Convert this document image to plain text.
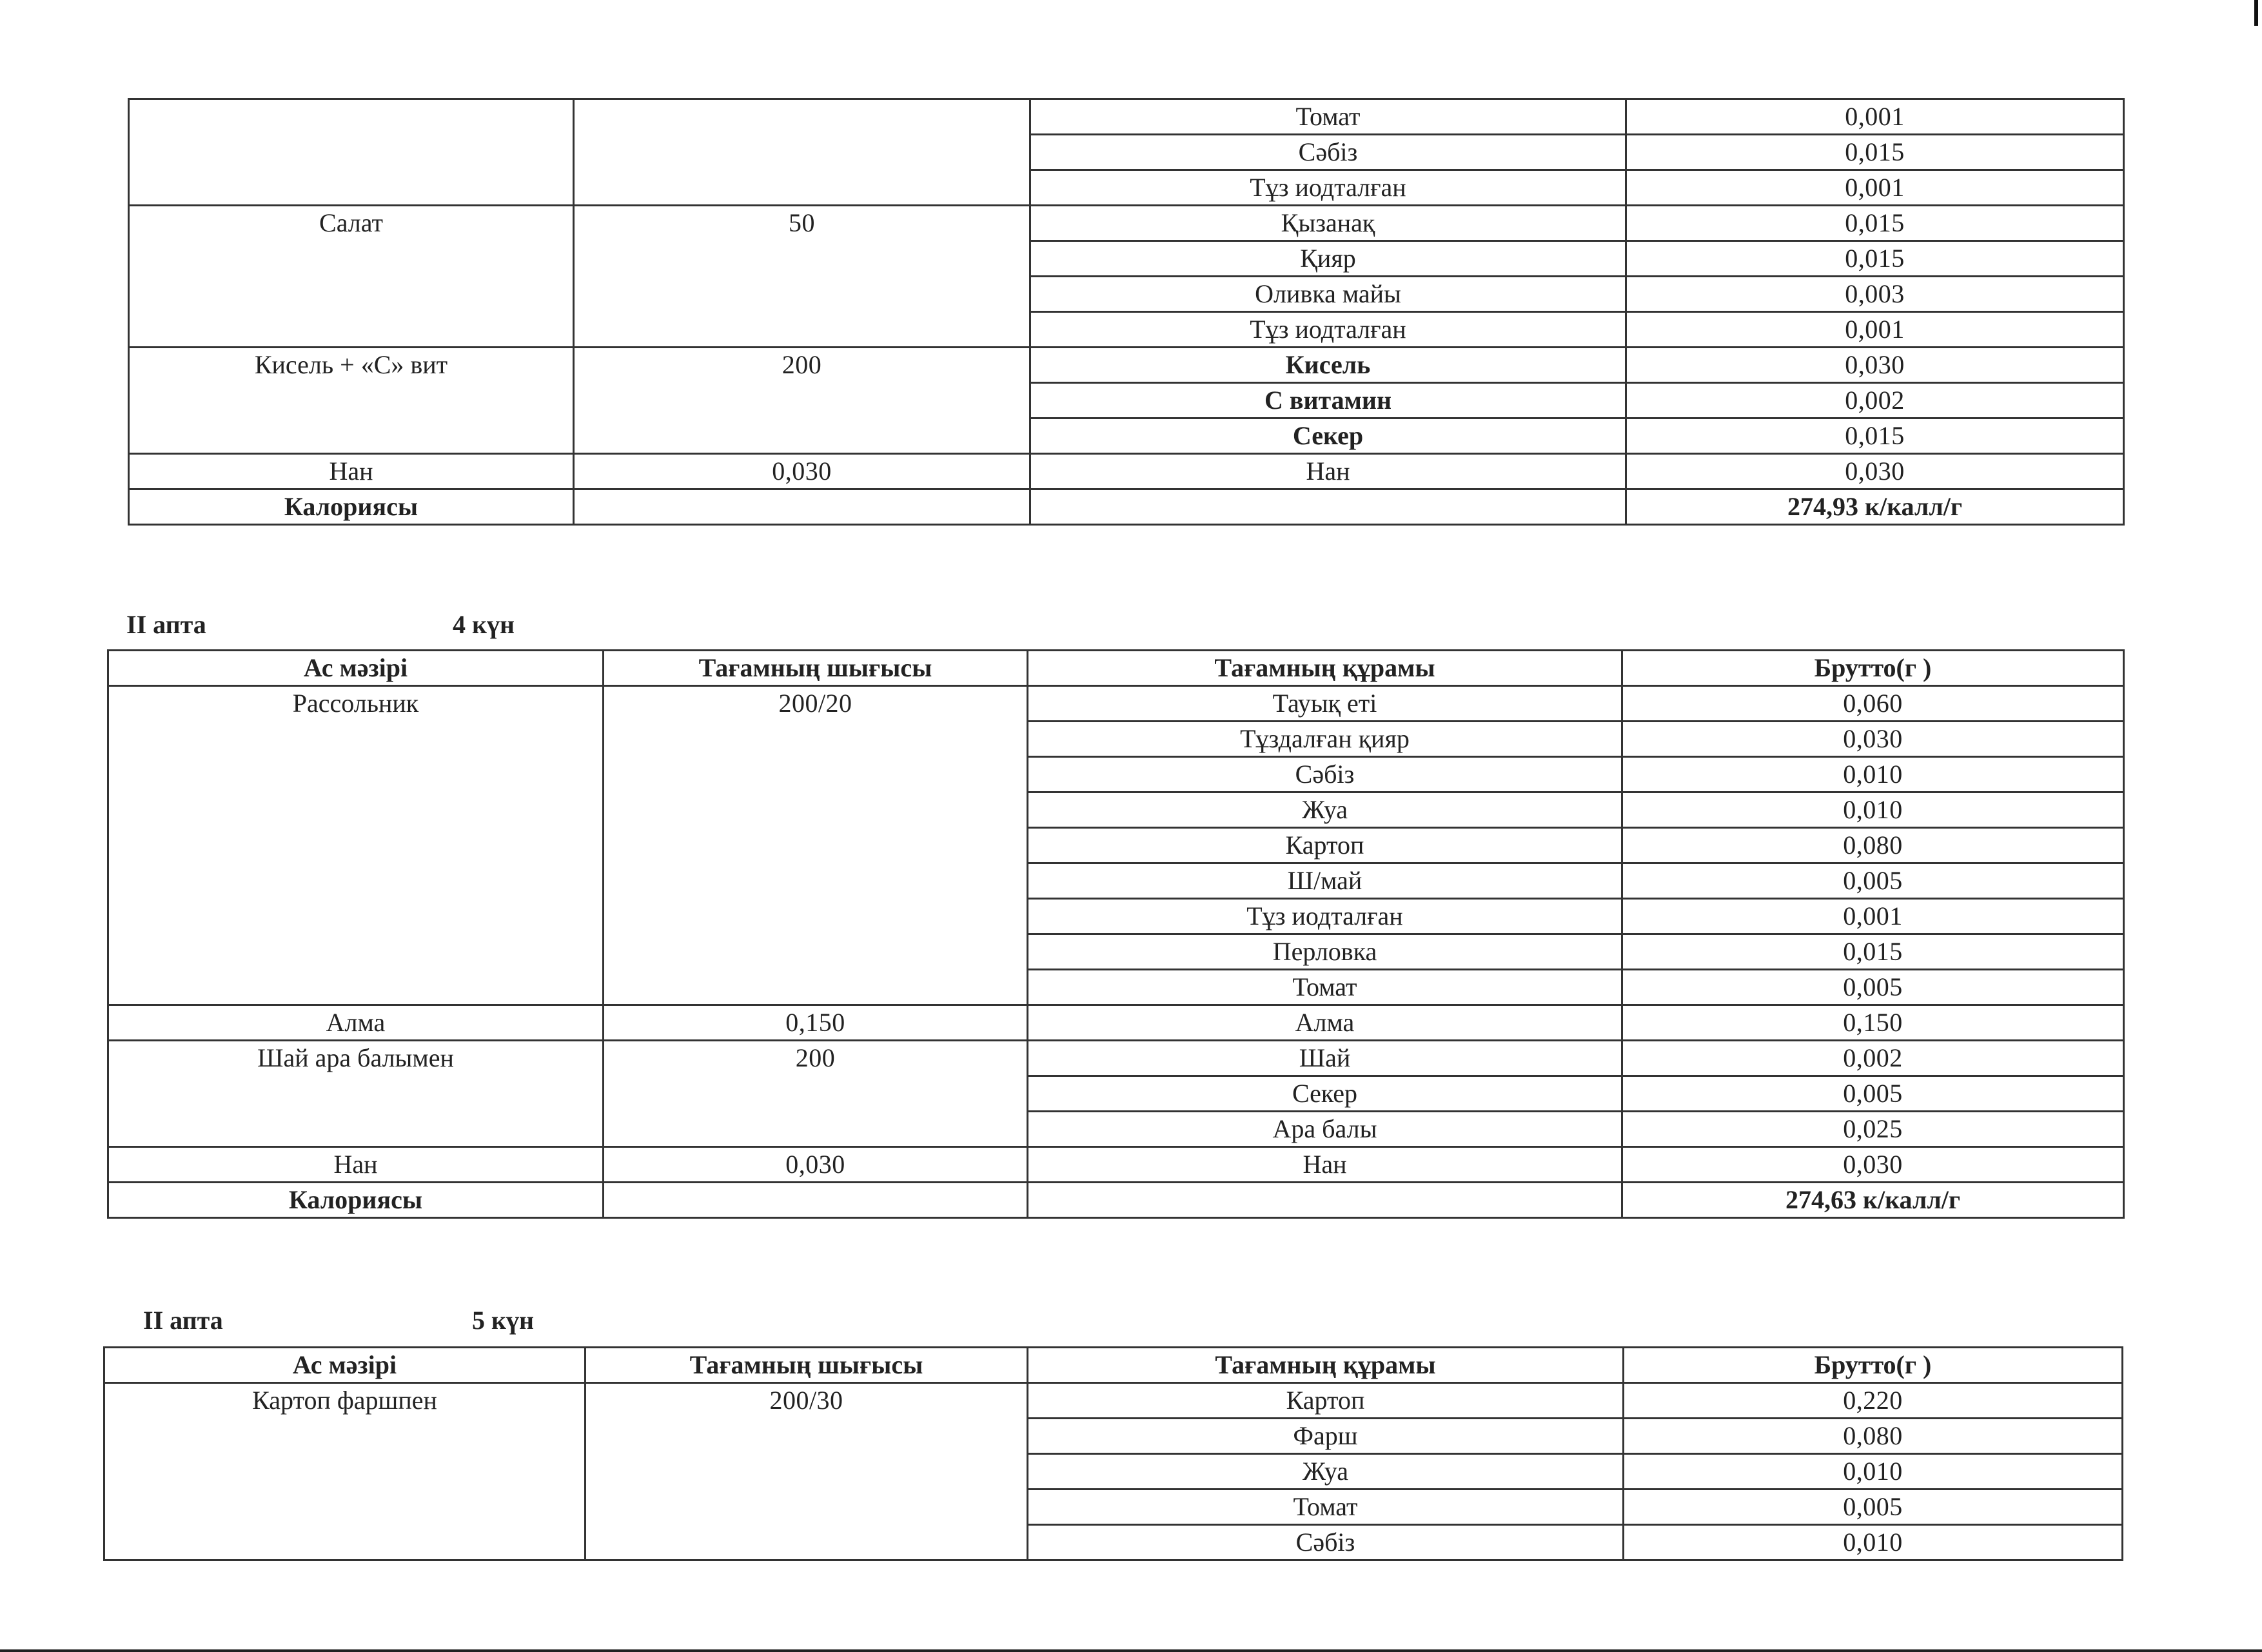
		Томат	0,001
		Сәбіз	0,015
		Тұз иодталған	0,001
Салат	50	Қызанақ	0,015
		Қияр	0,015
		Оливка майы	0,003
		Тұз иодталған	0,001
Кисель + «С» вит	200	Кисель	0,030
		С витамин	0,002
		Секер	0,015
Нан	0,030	Нан	0,030
Калориясы			274,93 к/калл/г
II апта	4 күн
Ас мәзірі	Тағамның шығысы	Тағамның құрамы	Брутто(г )
Рассольник	200/20	Тауық еті	0,060
		Тұздалған қияр	0,030
		Сәбіз	0,010
		Жуа	0,010
		Картоп	0,080
		Ш/май	0,005
		Тұз иодталған	0,001
		Перловка	0,015
		Томат	0,005
Алма	0,150	Алма	0,150
Шай ара балымен	200	Шай	0,002
		Секер	0,005
		Ара балы	0,025
Нан	0,030	Нан	0,030
Калориясы			274,63 к/калл/г
II апта	5 күн
Ас мәзірі	Тағамның шығысы	Тағамның құрамы	Брутто(г )
Картоп фаршпен	200/30	Картоп	0,220
		Фарш	0,080
		Жуа	0,010
		Томат	0,005
		Сәбіз	0,010
